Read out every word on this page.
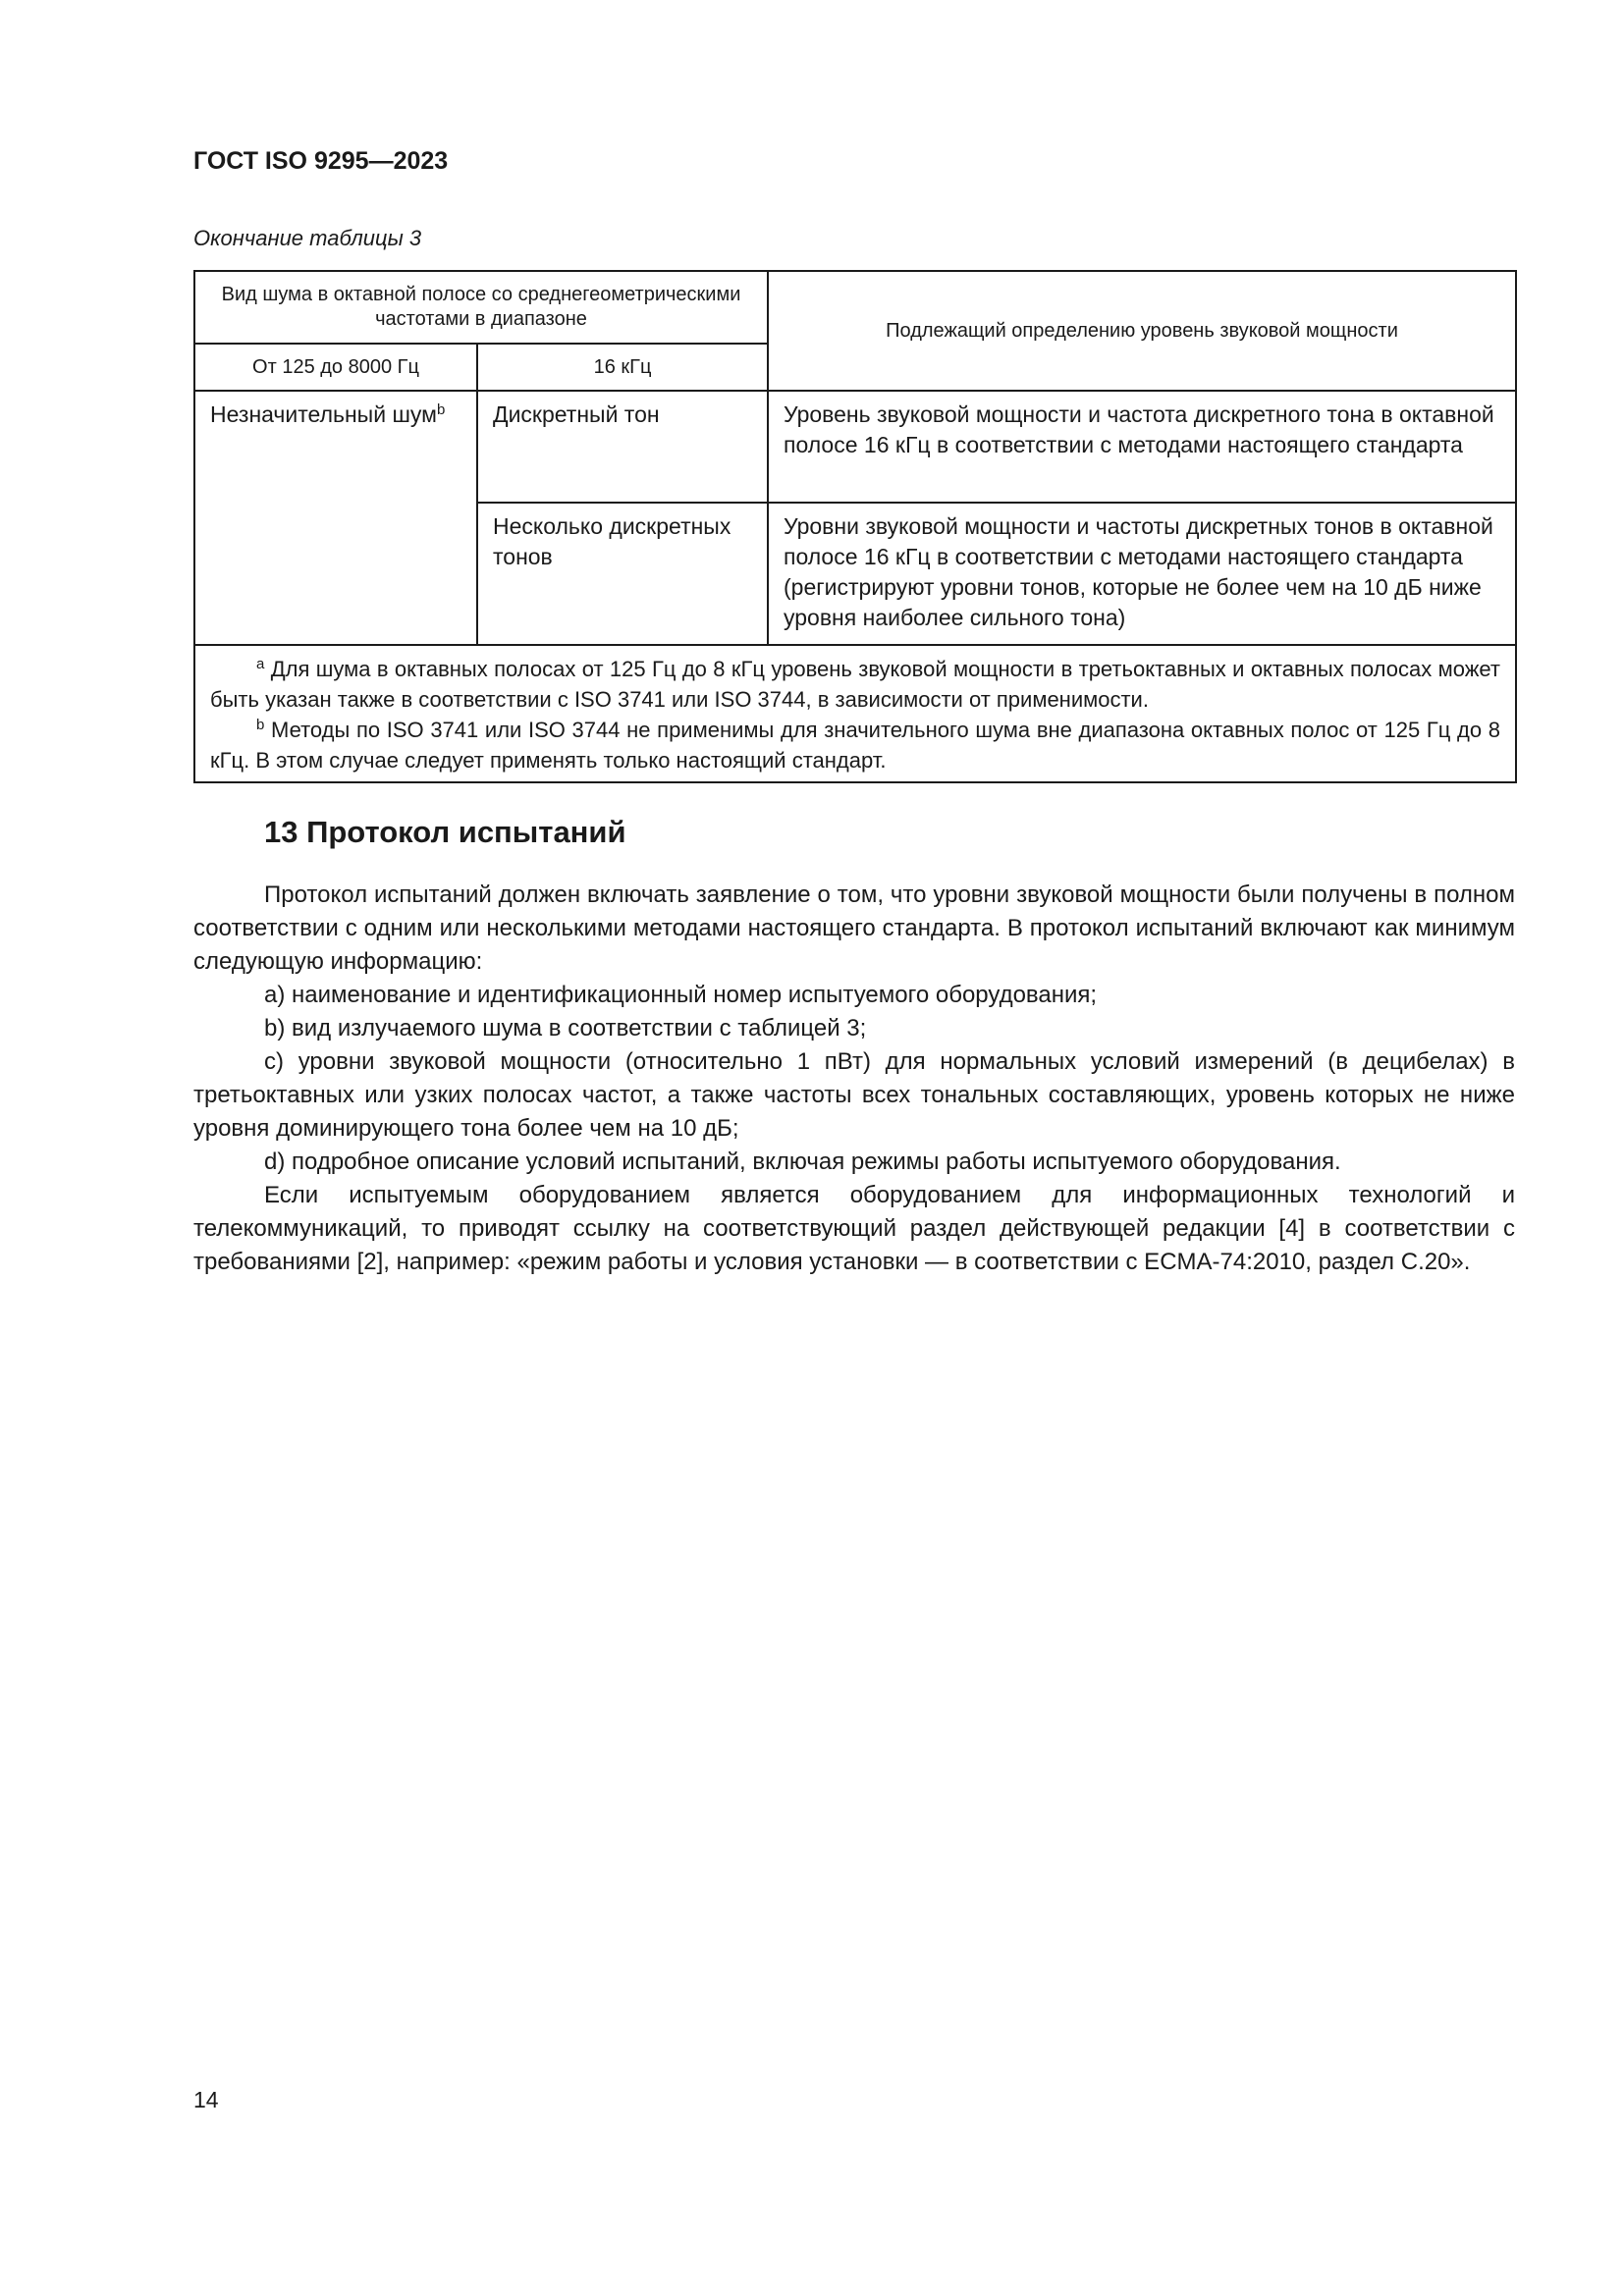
ГОСТ ISO 9295—2023
Окончание таблицы 3
Вид шума в октавной полосе со среднегеометрическими частотами в диапазоне		Подлежащий определению уровень звуковой мощности
От 125 до 8000 Гц	16 кГц	
Незначительный шум$^b$	Дискретный тон	Уровень звуковой мощности и частота дискретного тона в октавной полосе 16 кГц в соответствии с методами настоящего стандарта
	Несколько дискретных тонов	Уровни звуковой мощности и частоты дискретных тонов в октавной полосе 16 кГц в соответствии с методами настоящего стандарта (регистрируют уровни тонов, которые не более чем на 10 дБ ниже уровня наиболее сильного тона)

$^a$ Для шума в октавных полосах от 125 Гц до 8 кГц уровень звуковой мощности в третьоктавных и октавных полосах может быть указан также в соответствии с ISO 3741 или ISO 3744, в зависимости от применимости.
$^b$ Методы по ISO 3741 или ISO 3744 не применимы для значительного шума вне диапазона октавных полос от 125 Гц до 8 кГц. В этом случае следует применять только настоящий стандарт.		
13 Протокол испытаний

Протокол испытаний должен включать заявление о том, что уровни звуковой мощности были получены в полном соответствии с одним или несколькими методами настоящего стандарта. В протокол испытаний включают как минимум следующую информацию:

a) наименование и идентификационный номер испытуемого оборудования;

b) вид излучаемого шума в соответствии с таблицей 3;

c) уровни звуковой мощности (относительно 1 пВт) для нормальных условий измерений (в децибелах) в третьоктавных или узких полосах частот, а также частоты всех тональных составляющих, уровень которых не ниже уровня доминирующего тона более чем на 10 дБ;

d) подробное описание условий испытаний, включая режимы работы испытуемого оборудования.

Если испытуемым оборудованием является оборудованием для информационных технологий и телекоммуникаций, то приводят ссылку на соответствующий раздел действующей редакции [4] в соответствии с требованиями [2], например: «режим работы и условия установки — в соответствии с ECMA-74:2010, раздел C.20».

14
